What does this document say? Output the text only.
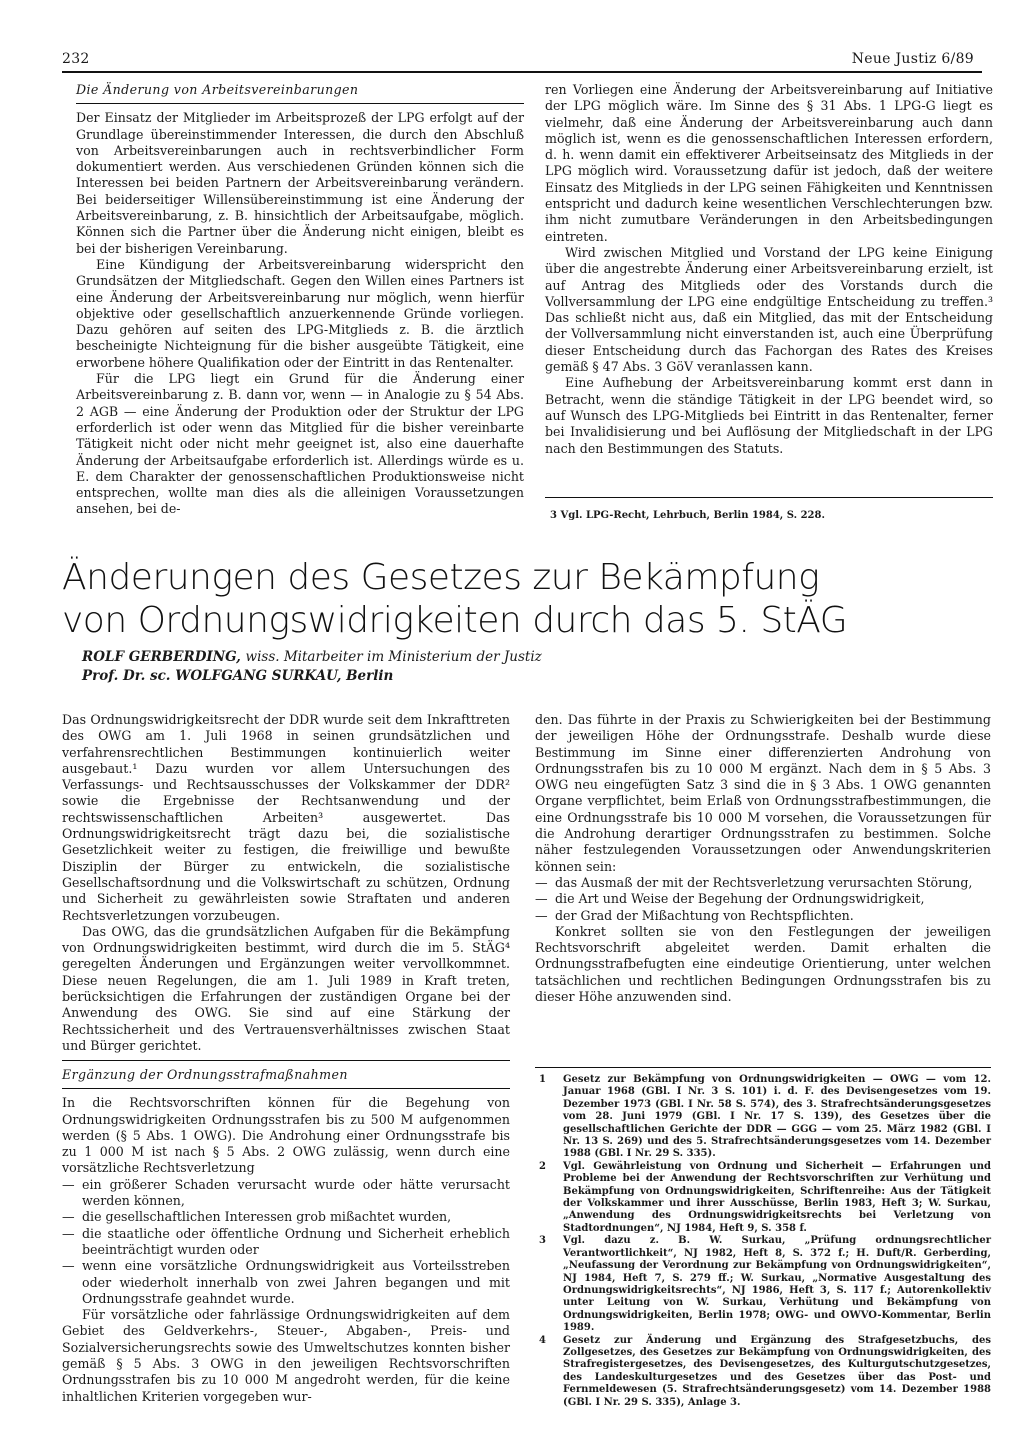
232	Neue Justiz 6/89
Die Änderung von Arbeitsvereinbarungen

Der Einsatz der Mitglieder im Arbeitsprozeß der LPG erfolgt auf der Grundlage übereinstimmender Interessen, die durch den Abschluß von Arbeitsvereinbarungen auch in rechtsverbindlicher Form dokumentiert werden. Aus verschiedenen Gründen können sich die Interessen bei beiden Partnern der Arbeitsvereinbarung verändern. Bei beiderseitiger Willensübereinstimmung ist eine Änderung der Arbeitsvereinbarung, z. B. hinsichtlich der Arbeitsaufgabe, möglich. Können sich die Partner über die Änderung nicht einigen, bleibt es bei der bisherigen Vereinbarung.

Eine Kündigung der Arbeitsvereinbarung widerspricht den Grundsätzen der Mitgliedschaft. Gegen den Willen eines Partners ist eine Änderung der Arbeitsvereinbarung nur möglich, wenn hierfür objektive oder gesellschaftlich anzuerkennende Gründe vorliegen. Dazu gehören auf seiten des LPG-Mitglieds z. B. die ärztlich bescheinigte Nichteignung für die bisher ausgeübte Tätigkeit, eine erworbene höhere Qualifikation oder der Eintritt in das Rentenalter.

Für die LPG liegt ein Grund für die Änderung einer Arbeitsvereinbarung z. B. dann vor, wenn — in Analogie zu § 54 Abs. 2 AGB — eine Änderung der Produktion oder der Struktur der LPG erforderlich ist oder wenn das Mitglied für die bisher vereinbarte Tätigkeit nicht oder nicht mehr geeignet ist, also eine dauerhafte Änderung der Arbeitsaufgabe erforderlich ist. Allerdings würde es u. E. dem Charakter der genossenschaftlichen Produktionsweise nicht entsprechen, wollte man dies als die alleinigen Voraussetzungen ansehen, bei de-

ren Vorliegen eine Änderung der Arbeitsvereinbarung auf Initiative der LPG möglich wäre. Im Sinne des § 31 Abs. 1 LPG-G liegt es vielmehr, daß eine Änderung der Arbeitsvereinbarung auch dann möglich ist, wenn es die genossenschaftlichen Interessen erfordern, d. h. wenn damit ein effektiverer Arbeitseinsatz des Mitglieds in der LPG möglich wird. Voraussetzung dafür ist jedoch, daß der weitere Einsatz des Mitglieds in der LPG seinen Fähigkeiten und Kenntnissen entspricht und dadurch keine wesentlichen Verschlechterungen bzw. ihm nicht zumutbare Veränderungen in den Arbeitsbedingungen eintreten.

Wird zwischen Mitglied und Vorstand der LPG keine Einigung über die angestrebte Änderung einer Arbeitsvereinbarung erzielt, ist auf Antrag des Mitglieds oder des Vorstands durch die Vollversammlung der LPG eine endgültige Entscheidung zu treffen.³ Das schließt nicht aus, daß ein Mitglied, das mit der Entscheidung der Vollversammlung nicht einverstanden ist, auch eine Überprüfung dieser Entscheidung durch das Fachorgan des Rates des Kreises gemäß § 47 Abs. 3 GöV veranlassen kann.

Eine Aufhebung der Arbeitsvereinbarung kommt erst dann in Betracht, wenn die ständige Tätigkeit in der LPG beendet wird, so auf Wunsch des LPG-Mitglieds bei Eintritt in das Rentenalter, ferner bei Invalidisierung und bei Auflösung der Mitgliedschaft in der LPG nach den Bestimmungen des Statuts.

3 Vgl. LPG-Recht, Lehrbuch, Berlin 1984, S. 228.
Änderungen des Gesetzes zur Bekämpfung
von Ordnungswidrigkeiten durch das 5. StÄG
ROLF GERBERDING, wiss. Mitarbeiter im Ministerium der Justiz
Prof. Dr. sc. WOLFGANG SURKAU, Berlin

Das Ordnungswidrigkeitsrecht der DDR wurde seit dem Inkrafttreten des OWG am 1. Juli 1968 in seinen grundsätzlichen und verfahrensrechtlichen Bestimmungen kontinuierlich weiter ausgebaut.¹ Dazu wurden vor allem Untersuchungen des Verfassungs- und Rechtsausschusses der Volkskammer der DDR² sowie die Ergebnisse der Rechtsanwendung und der rechtswissenschaftlichen Arbeiten³ ausgewertet. Das Ordnungswidrigkeitsrecht trägt dazu bei, die sozialistische Gesetzlichkeit weiter zu festigen, die freiwillige und bewußte Disziplin der Bürger zu entwickeln, die sozialistische Gesellschaftsordnung und die Volkswirtschaft zu schützen, Ordnung und Sicherheit zu gewährleisten sowie Straftaten und anderen Rechtsverletzungen vorzubeugen.

Das OWG, das die grundsätzlichen Aufgaben für die Bekämpfung von Ordnungswidrigkeiten bestimmt, wird durch die im 5. StÄG⁴ geregelten Änderungen und Ergänzungen weiter vervollkommnet. Diese neuen Regelungen, die am 1. Juli 1989 in Kraft treten, berücksichtigen die Erfahrungen der zuständigen Organe bei der Anwendung des OWG. Sie sind auf eine Stärkung der Rechtssicherheit und des Vertrauensverhältnisses zwischen Staat und Bürger gerichtet.

den. Das führte in der Praxis zu Schwierigkeiten bei der Bestimmung der jeweiligen Höhe der Ordnungsstrafe. Deshalb wurde diese Bestimmung im Sinne einer differenzierten Androhung von Ordnungsstrafen bis zu 10 000 M ergänzt. Nach dem in § 5 Abs. 3 OWG neu eingefügten Satz 3 sind die in § 3 Abs. 1 OWG genannten Organe verpflichtet, beim Erlaß von Ordnungsstrafbestimmungen, die eine Ordnungsstrafe bis 10 000 M vorsehen, die Voraussetzungen für die Androhung derartiger Ordnungsstrafen zu bestimmen. Solche näher festzulegenden Voraussetzungen oder Anwendungskriterien können sein:

— das Ausmaß der mit der Rechtsverletzung verursachten Störung,
— die Art und Weise der Begehung der Ordnungswidrigkeit,
— der Grad der Mißachtung von Rechtspflichten.

Konkret sollten sie von den Festlegungen der jeweiligen Rechtsvorschrift abgeleitet werden. Damit erhalten die Ordnungsstrafbefugten eine eindeutige Orientierung, unter welchen tatsächlichen und rechtlichen Bedingungen Ordnungsstrafen bis zu dieser Höhe anzuwenden sind.

Ergänzung der Ordnungsstrafmaßnahmen

In die Rechtsvorschriften können für die Begehung von Ordnungswidrigkeiten Ordnungsstrafen bis zu 500 M aufgenommen werden (§ 5 Abs. 1 OWG). Die Androhung einer Ordnungsstrafe bis zu 1 000 M ist nach § 5 Abs. 2 OWG zulässig, wenn durch eine vorsätzliche Rechtsverletzung

— ein größerer Schaden verursacht wurde oder hätte verursacht werden können,
— die gesellschaftlichen Interessen grob mißachtet wurden,
— die staatliche oder öffentliche Ordnung und Sicherheit erheblich beeinträchtigt wurden oder
— wenn eine vorsätzliche Ordnungswidrigkeit aus Vorteilsstreben oder wiederholt innerhalb von zwei Jahren begangen und mit Ordnungsstrafe geahndet wurde.

Für vorsätzliche oder fahrlässige Ordnungswidrigkeiten auf dem Gebiet des Geldverkehrs-, Steuer-, Abgaben-, Preis- und Sozialversicherungsrechts sowie des Umweltschutzes konnten bisher gemäß § 5 Abs. 3 OWG in den jeweiligen Rechtsvorschriften Ordnungsstrafen bis zu 10 000 M angedroht werden, für die keine inhaltlichen Kriterien vorgegeben wur-

1 Gesetz zur Bekämpfung von Ordnungswidrigkeiten — OWG — vom 12. Januar 1968 (GBl. I Nr. 3 S. 101) i. d. F. des Devisengesetzes vom 19. Dezember 1973 (GBl. I Nr. 58 S. 574), des 3. Strafrechtsänderungsgesetzes vom 28. Juni 1979 (GBl. I Nr. 17 S. 139), des Gesetzes über die gesellschaftlichen Gerichte der DDR — GGG — vom 25. März 1982 (GBl. I Nr. 13 S. 269) und des 5. Strafrechtsänderungsgesetzes vom 14. Dezember 1988 (GBl. I Nr. 29 S. 335).
2 Vgl. Gewährleistung von Ordnung und Sicherheit — Erfahrungen und Probleme bei der Anwendung der Rechtsvorschriften zur Verhütung und Bekämpfung von Ordnungswidrigkeiten, Schriftenreihe: Aus der Tätigkeit der Volkskammer und ihrer Ausschüsse, Berlin 1983, Heft 3; W. Surkau, „Anwendung des Ordnungswidrigkeitsrechts bei Verletzung von Stadtordnungen“, NJ 1984, Heft 9, S. 358 f.
3 Vgl. dazu z. B. W. Surkau, „Prüfung ordnungsrechtlicher Verantwortlichkeit“, NJ 1982, Heft 8, S. 372 f.; H. Duft/R. Gerberding, „Neufassung der Verordnung zur Bekämpfung von Ordnungswidrigkeiten“, NJ 1984, Heft 7, S. 279 ff.; W. Surkau, „Normative Ausgestaltung des Ordnungswidrigkeitsrechts“, NJ 1986, Heft 3, S. 117 f.; Autorenkollektiv unter Leitung von W. Surkau, Verhütung und Bekämpfung von Ordnungswidrigkeiten, Berlin 1978; OWG- und OWVO-Kommentar, Berlin 1989.
4 Gesetz zur Änderung und Ergänzung des Strafgesetzbuchs, des Zollgesetzes, des Gesetzes zur Bekämpfung von Ordnungswidrigkeiten, des Strafregistergesetzes, des Devisengesetzes, des Kulturgutschutzgesetzes, des Landeskulturgesetzes und des Gesetzes über das Post- und Fernmeldewesen (5. Strafrechtsänderungsgesetz) vom 14. Dezember 1988 (GBl. I Nr. 29 S. 335), Anlage 3.
